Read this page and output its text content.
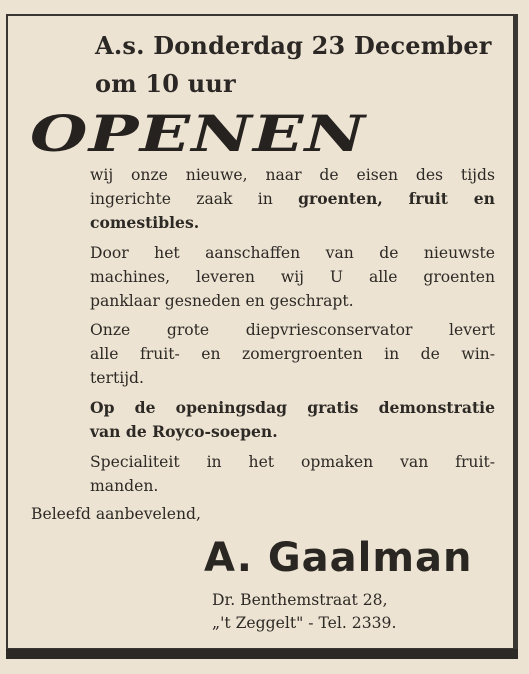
A.s. Donderdag 23 December
om 10 uur
OPENEN
wij onze nieuwe, naar de eisen des tijds
ingerichte zaak in groenten, fruit en
comestibles.
Door het aanschaffen van de nieuwste
machines, leveren wij U alle groenten
panklaar gesneden en geschrapt.
Onze grote diepvriesconservator levert
alle fruit- en zomergroenten in de win-
tertijd.
Op de openingsdag gratis demonstratie
van de Royco-soepen.
Specialiteit in het opmaken van fruit-
manden.
Beleefd aanbevelend,
A. Gaalman
Dr. Benthemstraat 28,
„'t Zeggelt" - Tel. 2339.
